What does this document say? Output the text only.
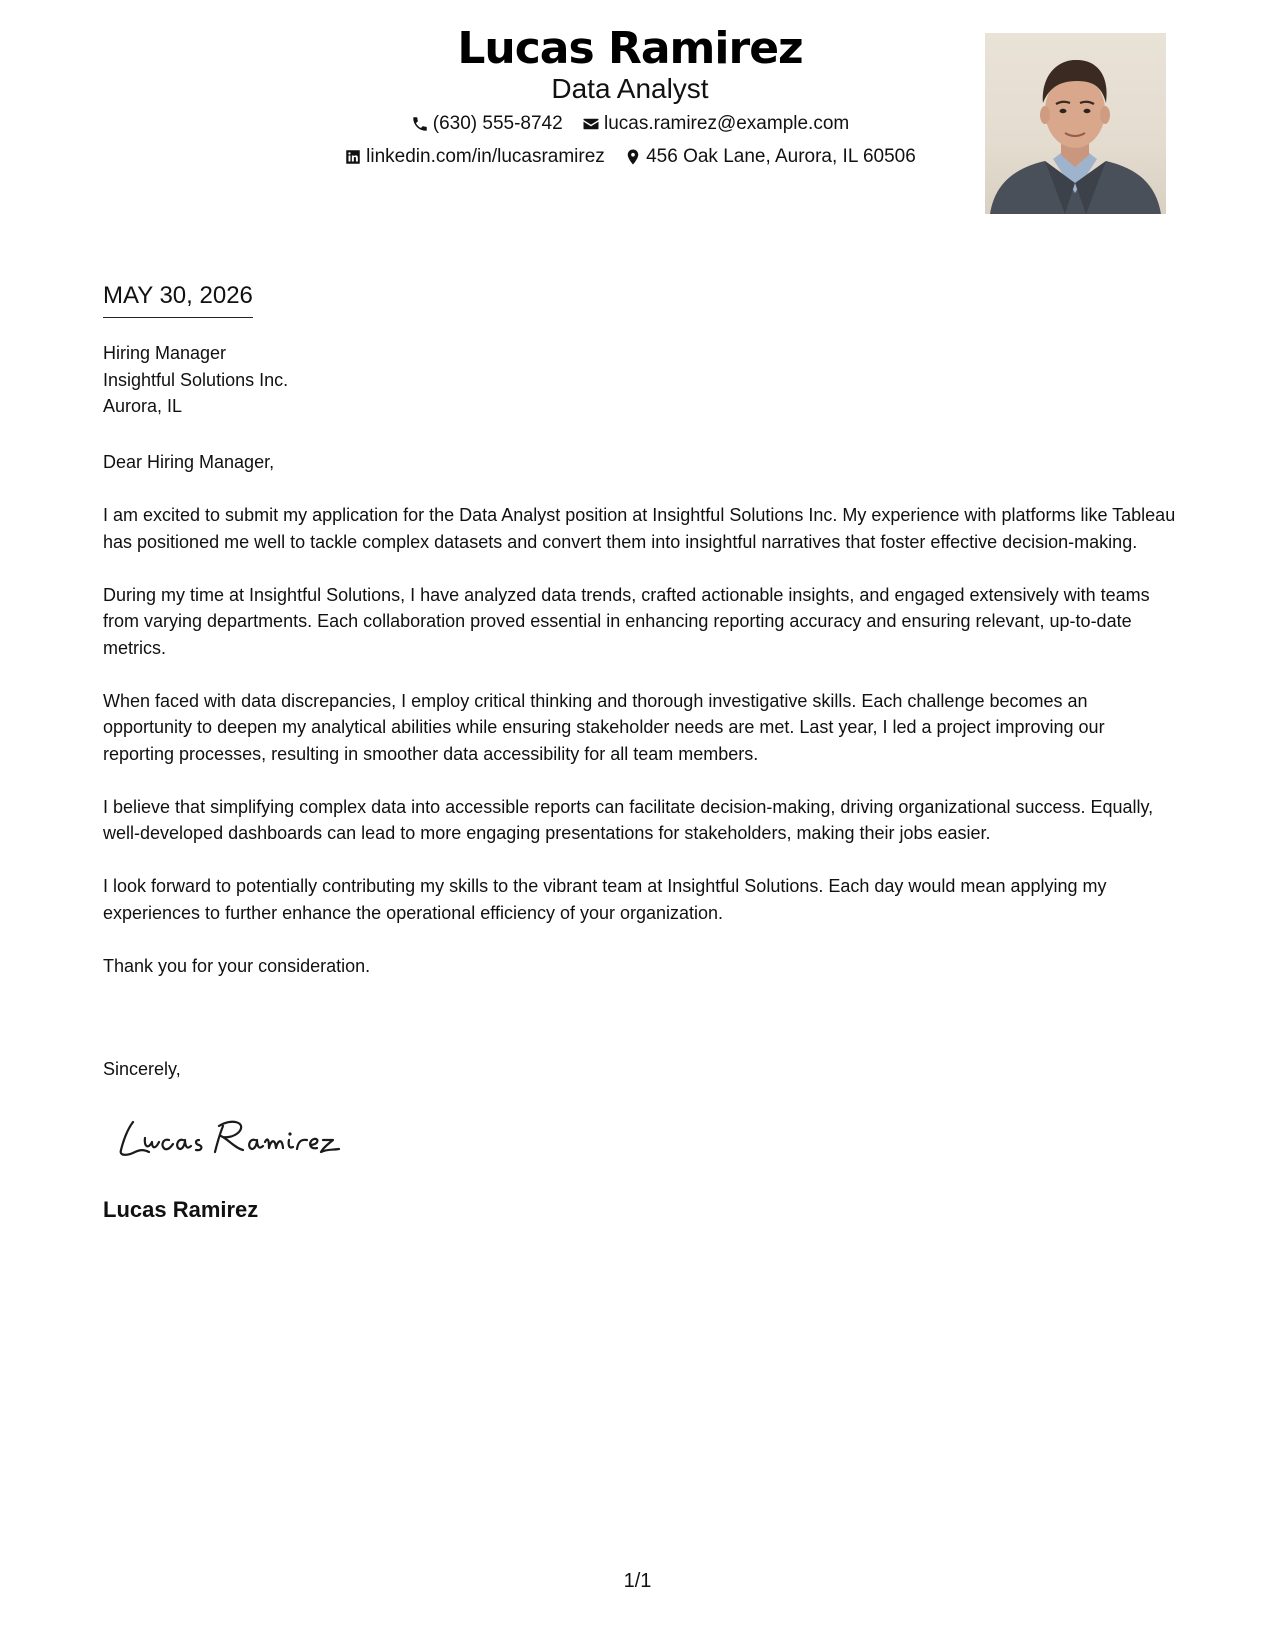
Lucas Ramirez
Data Analyst
(630) 555-8742
lucas.ramirez@example.com
linkedin.com/in/lucasramirez
456 Oak Lane, Aurora, IL 60506
MAY 30, 2026
Hiring Manager
Insightful Solutions Inc.
Aurora, IL

Dear Hiring Manager,

I am excited to submit my application for the Data Analyst position at Insightful Solutions Inc. My experience with platforms like Tableau has positioned me well to tackle complex datasets and convert them into insightful narratives that foster effective decision-making.

During my time at Insightful Solutions, I have analyzed data trends, crafted actionable insights, and engaged extensively with teams from varying departments. Each collaboration proved essential in enhancing reporting accuracy and ensuring relevant, up-to-date metrics.

When faced with data discrepancies, I employ critical thinking and thorough investigative skills. Each challenge becomes an opportunity to deepen my analytical abilities while ensuring stakeholder needs are met. Last year, I led a project improving our reporting processes, resulting in smoother data accessibility for all team members.

I believe that simplifying complex data into accessible reports can facilitate decision-making, driving organizational success. Equally, well-developed dashboards can lead to more engaging presentations for stakeholders, making their jobs easier.

I look forward to potentially contributing my skills to the vibrant team at Insightful Solutions. Each day would mean applying my experiences to further enhance the operational efficiency of your organization.

Thank you for your consideration.

Sincerely,
Lucas Ramirez
1/1
